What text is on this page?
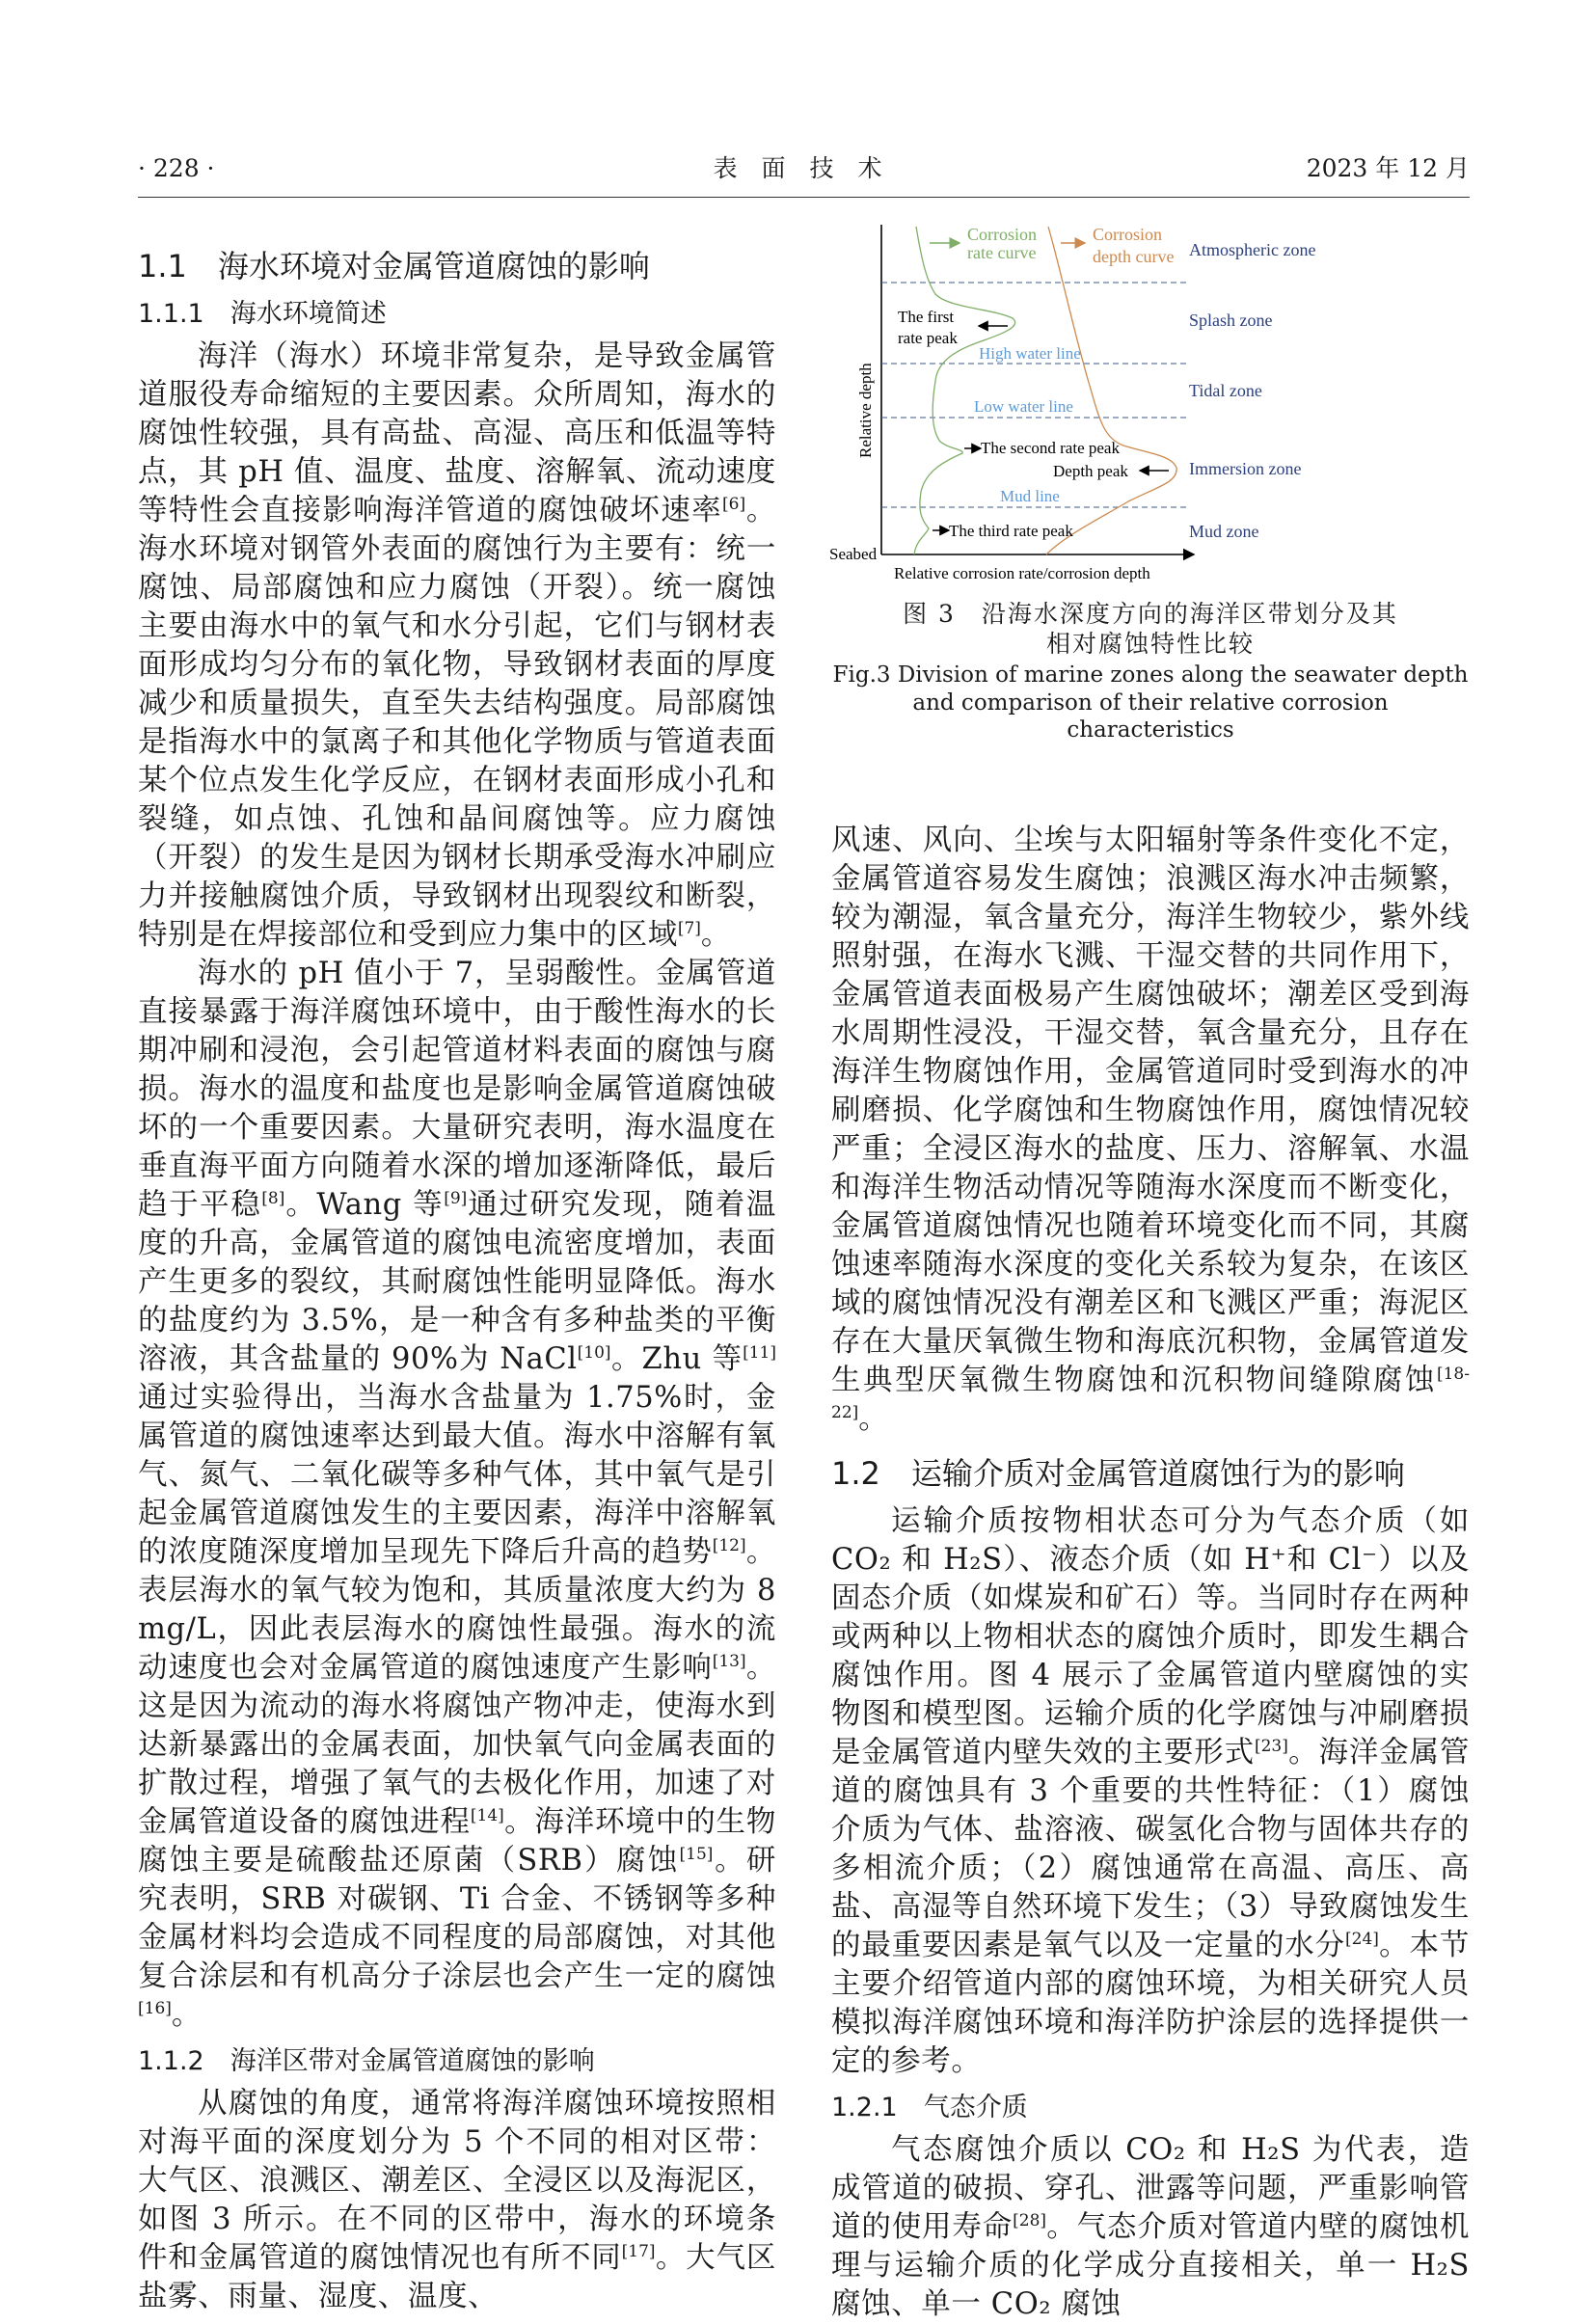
· 228 ·	表　面　技　术	2023 年 12 月
1.1　海水环境对金属管道腐蚀的影响
1.1.1　海水环境简述

海洋（海水）环境非常复杂，是导致金属管道服役寿命缩短的主要因素。众所周知，海水的腐蚀性较强，具有高盐、高湿、高压和低温等特点，其 pH 值、温度、盐度、溶解氧、流动速度等特性会直接影响海洋管道的腐蚀破坏速率[6]。海水环境对钢管外表面的腐蚀行为主要有：统一腐蚀、局部腐蚀和应力腐蚀（开裂）。统一腐蚀主要由海水中的氧气和水分引起，它们与钢材表面形成均匀分布的氧化物，导致钢材表面的厚度减少和质量损失，直至失去结构强度。局部腐蚀是指海水中的氯离子和其他化学物质与管道表面某个位点发生化学反应，在钢材表面形成小孔和裂缝，如点蚀、孔蚀和晶间腐蚀等。应力腐蚀（开裂）的发生是因为钢材长期承受海水冲刷应力并接触腐蚀介质，导致钢材出现裂纹和断裂，特别是在焊接部位和受到应力集中的区域[7]。

海水的 pH 值小于 7，呈弱酸性。金属管道直接暴露于海洋腐蚀环境中，由于酸性海水的长期冲刷和浸泡，会引起管道材料表面的腐蚀与腐损。海水的温度和盐度也是影响金属管道腐蚀破坏的一个重要因素。大量研究表明，海水温度在垂直海平面方向随着水深的增加逐渐降低，最后趋于平稳[8]。Wang 等[9]通过研究发现，随着温度的升高，金属管道的腐蚀电流密度增加，表面产生更多的裂纹，其耐腐蚀性能明显降低。海水的盐度约为 3.5%，是一种含有多种盐类的平衡溶液，其含盐量的 90%为 NaCl[10]。Zhu 等[11]通过实验得出，当海水含盐量为 1.75%时，金属管道的腐蚀速率达到最大值。海水中溶解有氧气、氮气、二氧化碳等多种气体，其中氧气是引起金属管道腐蚀发生的主要因素，海洋中溶解氧的浓度随深度增加呈现先下降后升高的趋势[12]。表层海水的氧气较为饱和，其质量浓度大约为 8 mg/L，因此表层海水的腐蚀性最强。海水的流动速度也会对金属管道的腐蚀速度产生影响[13]。这是因为流动的海水将腐蚀产物冲走，使海水到达新暴露出的金属表面，加快氧气向金属表面的扩散过程，增强了氧气的去极化作用，加速了对金属管道设备的腐蚀进程[14]。海洋环境中的生物腐蚀主要是硫酸盐还原菌（SRB）腐蚀[15]。研究表明，SRB 对碳钢、Ti 合金、不锈钢等多种金属材料均会造成不同程度的局部腐蚀，对其他复合涂层和有机高分子涂层也会产生一定的腐蚀[16]。

1.1.2　海洋区带对金属管道腐蚀的影响

从腐蚀的角度，通常将海洋腐蚀环境按照相对海平面的深度划分为 5 个不同的相对区带：大气区、浪溅区、潮差区、全浸区以及海泥区，如图 3 所示。在不同的区带中，海水的环境条件和金属管道的腐蚀情况也有所不同[17]。大气区盐雾、雨量、湿度、温度、

Corrosion
rate curve
Corrosion
depth curve Atmospheric zone
Splash zone
Tidal zone
Immersion zone
Mud zone
High water line
Low water line
Mud line
The first
rate peak
The second rate peak
Depth peak
The third rate peak
Seabed
Relative corrosion rate/corrosion depth
Relative depth
图 3　沿海水深度方向的海洋区带划分及其
相对腐蚀特性比较
Fig.3 Division of marine zones along the seawater depth
and comparison of their relative corrosion characteristics

风速、风向、尘埃与太阳辐射等条件变化不定，金属管道容易发生腐蚀；浪溅区海水冲击频繁，较为潮湿，氧含量充分，海洋生物较少，紫外线照射强，在海水飞溅、干湿交替的共同作用下，金属管道表面极易产生腐蚀破坏；潮差区受到海水周期性浸没，干湿交替，氧含量充分，且存在海洋生物腐蚀作用，金属管道同时受到海水的冲刷磨损、化学腐蚀和生物腐蚀作用，腐蚀情况较严重；全浸区海水的盐度、压力、溶解氧、水温和海洋生物活动情况等随海水深度而不断变化，金属管道腐蚀情况也随着环境变化而不同，其腐蚀速率随海水深度的变化关系较为复杂，在该区域的腐蚀情况没有潮差区和飞溅区严重；海泥区存在大量厌氧微生物和海底沉积物，金属管道发生典型厌氧微生物腐蚀和沉积物间缝隙腐蚀[18-22]。

1.2　运输介质对金属管道腐蚀行为的影响

运输介质按物相状态可分为气态介质（如 CO₂ 和 H₂S）、液态介质（如 H⁺和 Cl⁻）以及固态介质（如煤炭和矿石）等。当同时存在两种或两种以上物相状态的腐蚀介质时，即发生耦合腐蚀作用。图 4 展示了金属管道内壁腐蚀的实物图和模型图。运输介质的化学腐蚀与冲刷磨损是金属管道内壁失效的主要形式[23]。海洋金属管道的腐蚀具有 3 个重要的共性特征：（1）腐蚀介质为气体、盐溶液、碳氢化合物与固体共存的多相流介质；（2）腐蚀通常在高温、高压、高盐、高湿等自然环境下发生；（3）导致腐蚀发生的最重要因素是氧气以及一定量的水分[24]。本节主要介绍管道内部的腐蚀环境，为相关研究人员模拟海洋腐蚀环境和海洋防护涂层的选择提供一定的参考。

1.2.1　气态介质

气态腐蚀介质以 CO₂ 和 H₂S 为代表，造成管道的破损、穿孔、泄露等问题，严重影响管道的使用寿命[28]。气态介质对管道内壁的腐蚀机理与运输介质的化学成分直接相关，单一 H₂S 腐蚀、单一 CO₂ 腐蚀
